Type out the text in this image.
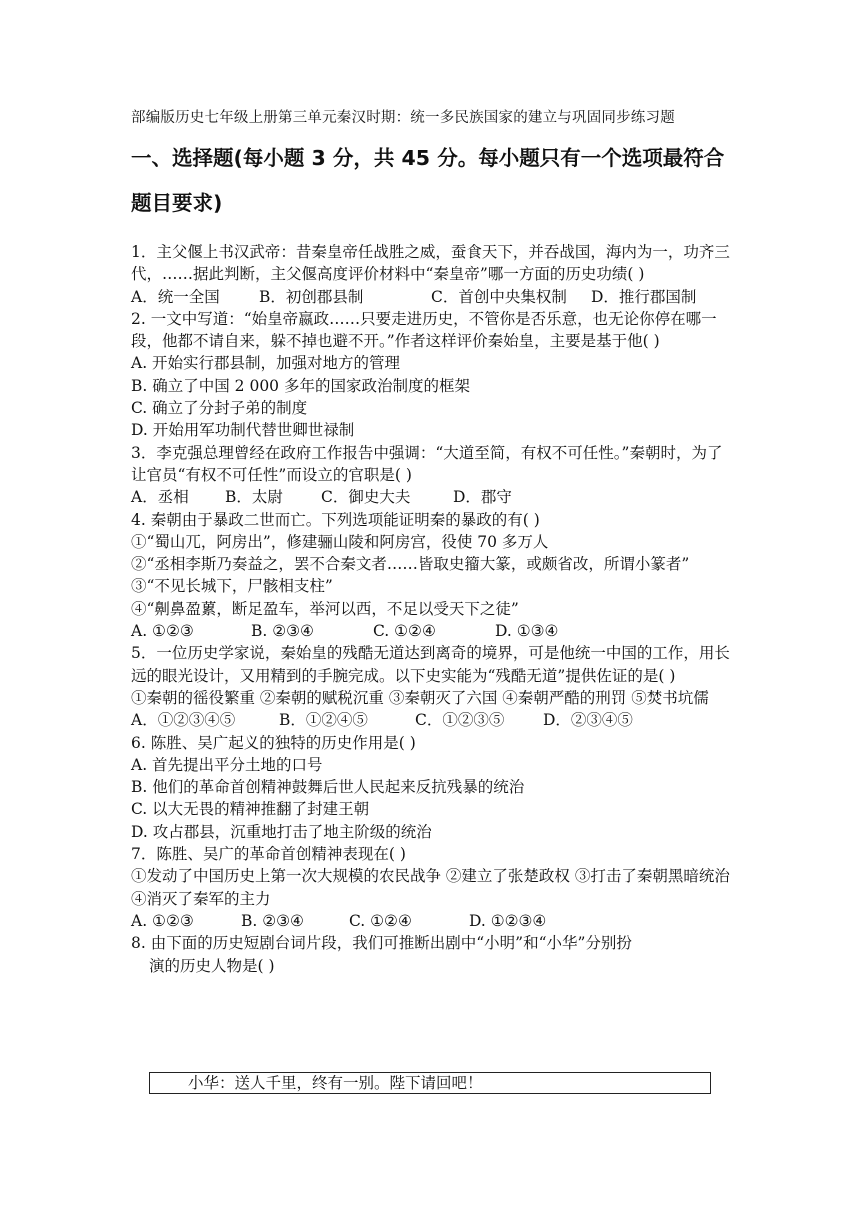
部编版历史七年级上册第三单元秦汉时期：统一多民族国家的建立与巩固同步练习题
一、选择题(每小题 3 分，共 45 分。每小题只有一个选项最符合题目要求)
1．主父偃上书汉武帝：昔秦皇帝任战胜之威，蚕食天下，并吞战国，海内为一，功齐三代，……据此判断，主父偃高度评价材料中“秦皇帝”哪一方面的历史功绩( )
A．统一全国	B．初创郡县制	C．首创中央集权制	D．推行郡国制
2. 一文中写道：“始皇帝嬴政……只要走进历史，不管你是否乐意，也无论你停在哪一段，他都不请自来，躲不掉也避不开。”作者这样评价秦始皇，主要是基于他( )
A. 开始实行郡县制，加强对地方的管理
B. 确立了中国 2 000 多年的国家政治制度的框架
C. 确立了分封子弟的制度
D. 开始用军功制代替世卿世禄制
3．李克强总理曾经在政府工作报告中强调：“大道至简，有权不可任性。”秦朝时，为了让官员“有权不可任性”而设立的官职是( )
A．丞相	B．太尉	C．御史大夫	D．郡守
4. 秦朝由于暴政二世而亡。下列选项能证明秦的暴政的有( )
①“蜀山兀，阿房出”，修建骊山陵和阿房宫，役使 70 多万人
②“丞相李斯乃奏益之，罢不合秦文者……皆取史籀大篆，或颇省改，所谓小篆者”
③“不见长城下，尸骸相支柱”
④“劓鼻盈蔂，断足盈车，举河以西，不足以受天下之徒”
A. ①②③	B. ②③④	C. ①②④	D. ①③④
5．一位历史学家说，秦始皇的残酷无道达到离奇的境界，可是他统一中国的工作，用长远的眼光设计，又用精到的手腕完成。以下史实能为“残酷无道”提供佐证的是( )
①秦朝的徭役繁重 ②秦朝的赋税沉重 ③秦朝灭了六国 ④秦朝严酷的刑罚 ⑤焚书坑儒
A．①②③④⑤	B．①②④⑤	C．①②③⑤	D．②③④⑤
6. 陈胜、吴广起义的独特的历史作用是( )
A. 首先提出平分土地的口号
B. 他们的革命首创精神鼓舞后世人民起来反抗残暴的统治
C. 以大无畏的精神推翻了封建王朝
D. 攻占郡县，沉重地打击了地主阶级的统治
7．陈胜、吴广的革命首创精神表现在( )
①发动了中国历史上第一次大规模的农民战争 ②建立了张楚政权 ③打击了秦朝黑暗统治 ④消灭了秦军的主力
A. ①②③	B. ②③④	C. ①②④	D. ①②③④
8. 由下面的历史短剧台词片段，我们可推断出剧中“小明”和“小华”分别扮
演的历史人物是( )
小华：送人千里，终有一别。陛下请回吧！
